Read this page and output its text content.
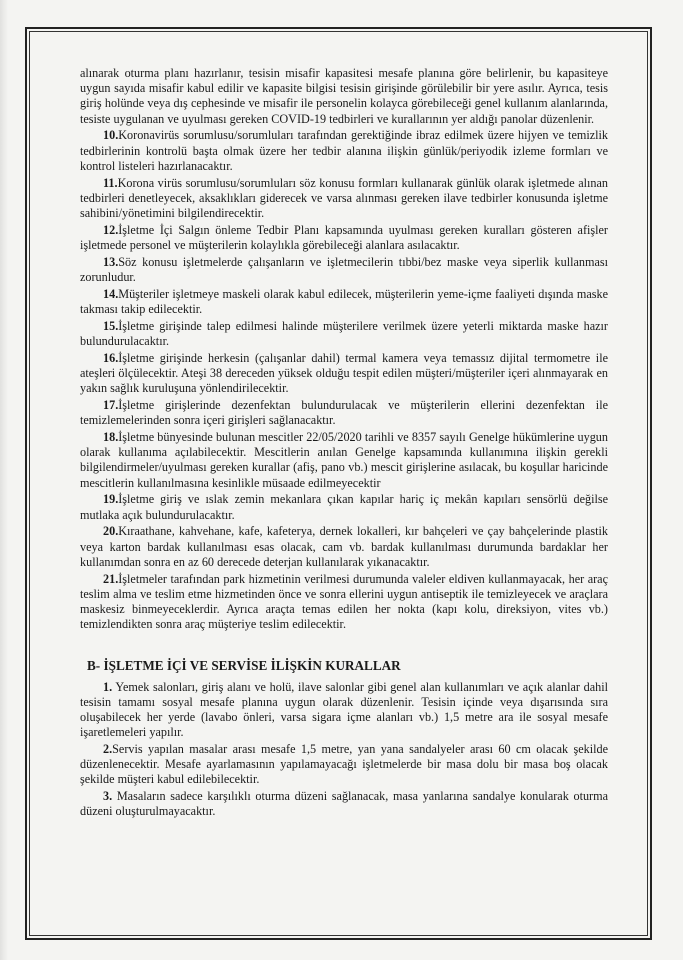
alınarak oturma planı hazırlanır, tesisin misafir kapasitesi mesafe planına göre belirlenir, bu kapasiteye uygun sayıda misafir kabul edilir ve kapasite bilgisi tesisin girişinde görülebilir bir yere asılır. Ayrıca, tesis giriş holünde veya dış cephesinde ve misafir ile personelin kolayca görebileceği genel kullanım alanlarında, tesiste uygulanan ve uyulması gereken COVID-19 tedbirleri ve kurallarının yer aldığı panolar düzenlenir.

10.Koronavirüs sorumlusu/sorumluları tarafından gerektiğinde ibraz edilmek üzere hijyen ve temizlik tedbirlerinin kontrolü başta olmak üzere her tedbir alanına ilişkin günlük/periyodik izleme formları ve kontrol listeleri hazırlanacaktır.

11.Korona virüs sorumlusu/sorumluları söz konusu formları kullanarak günlük olarak işletmede alınan tedbirleri denetleyecek, aksaklıkları giderecek ve varsa alınması gereken ilave tedbirler konusunda işletme sahibini/yönetimini bilgilendirecektir.

12.İşletme İçi Salgın önleme Tedbir Planı kapsamında uyulması gereken kuralları gösteren afişler işletmede personel ve müşterilerin kolaylıkla görebileceği alanlara asılacaktır.

13.Söz konusu işletmelerde çalışanların ve işletmecilerin tıbbi/bez maske veya siperlik kullanması zorunludur.

14.Müşteriler işletmeye maskeli olarak kabul edilecek, müşterilerin yeme-içme faaliyeti dışında maske takması takip edilecektir.

15.İşletme girişinde talep edilmesi halinde müşterilere verilmek üzere yeterli miktarda maske hazır bulundurulacaktır.

16.İşletme girişinde herkesin (çalışanlar dahil) termal kamera veya temassız dijital termometre ile ateşleri ölçülecektir. Ateşi 38 dereceden yüksek olduğu tespit edilen müşteri/müşteriler içeri alınmayarak en yakın sağlık kuruluşuna yönlendirilecektir.

17.İşletme girişlerinde dezenfektan bulundurulacak ve müşterilerin ellerini dezenfektan ile temizlemelerinden sonra içeri girişleri sağlanacaktır.

18.İşletme bünyesinde bulunan mescitler 22/05/2020 tarihli ve 8357 sayılı Genelge hükümlerine uygun olarak kullanıma açılabilecektir. Mescitlerin anılan Genelge kapsamında kullanımına ilişkin gerekli bilgilendirmeler/uyulması gereken kurallar (afiş, pano vb.) mescit girişlerine asılacak, bu koşullar haricinde mescitlerin kullanılmasına kesinlikle müsaade edilmeyecektir

19.İşletme giriş ve ıslak zemin mekanlara çıkan kapılar hariç iç mekân kapıları sensörlü değilse mutlaka açık bulundurulacaktır.

20.Kıraathane, kahvehane, kafe, kafeterya, dernek lokalleri, kır bahçeleri ve çay bahçelerinde plastik veya karton bardak kullanılması esas olacak, cam vb. bardak kullanılması durumunda bardaklar her kullanımdan sonra en az 60 derecede deterjan kullanılarak yıkanacaktır.

21.İşletmeler tarafından park hizmetinin verilmesi durumunda valeler eldiven kullanmayacak, her araç teslim alma ve teslim etme hizmetinden önce ve sonra ellerini uygun antiseptik ile temizleyecek ve araçlara maskesiz binmeyeceklerdir. Ayrıca araçta temas edilen her nokta (kapı kolu, direksiyon, vites vb.) temizlendikten sonra araç müşteriye teslim edilecektir.

B- İŞLETME İÇİ VE SERVİSE İLİŞKİN KURALLAR

1. Yemek salonları, giriş alanı ve holü, ilave salonlar gibi genel alan kullanımları ve açık alanlar dahil tesisin tamamı sosyal mesafe planına uygun olarak düzenlenir. Tesisin içinde veya dışarısında sıra oluşabilecek her yerde (lavabo önleri, varsa sigara içme alanları vb.) 1,5 metre ara ile sosyal mesafe işaretlemeleri yapılır.

2.Servis yapılan masalar arası mesafe 1,5 metre, yan yana sandalyeler arası 60 cm olacak şekilde düzenlenecektir. Mesafe ayarlamasının yapılamayacağı işletmelerde bir masa dolu bir masa boş olacak şekilde müşteri kabul edilebilecektir.

3. Masaların sadece karşılıklı oturma düzeni sağlanacak, masa yanlarına sandalye konularak oturma düzeni oluşturulmayacaktır.
